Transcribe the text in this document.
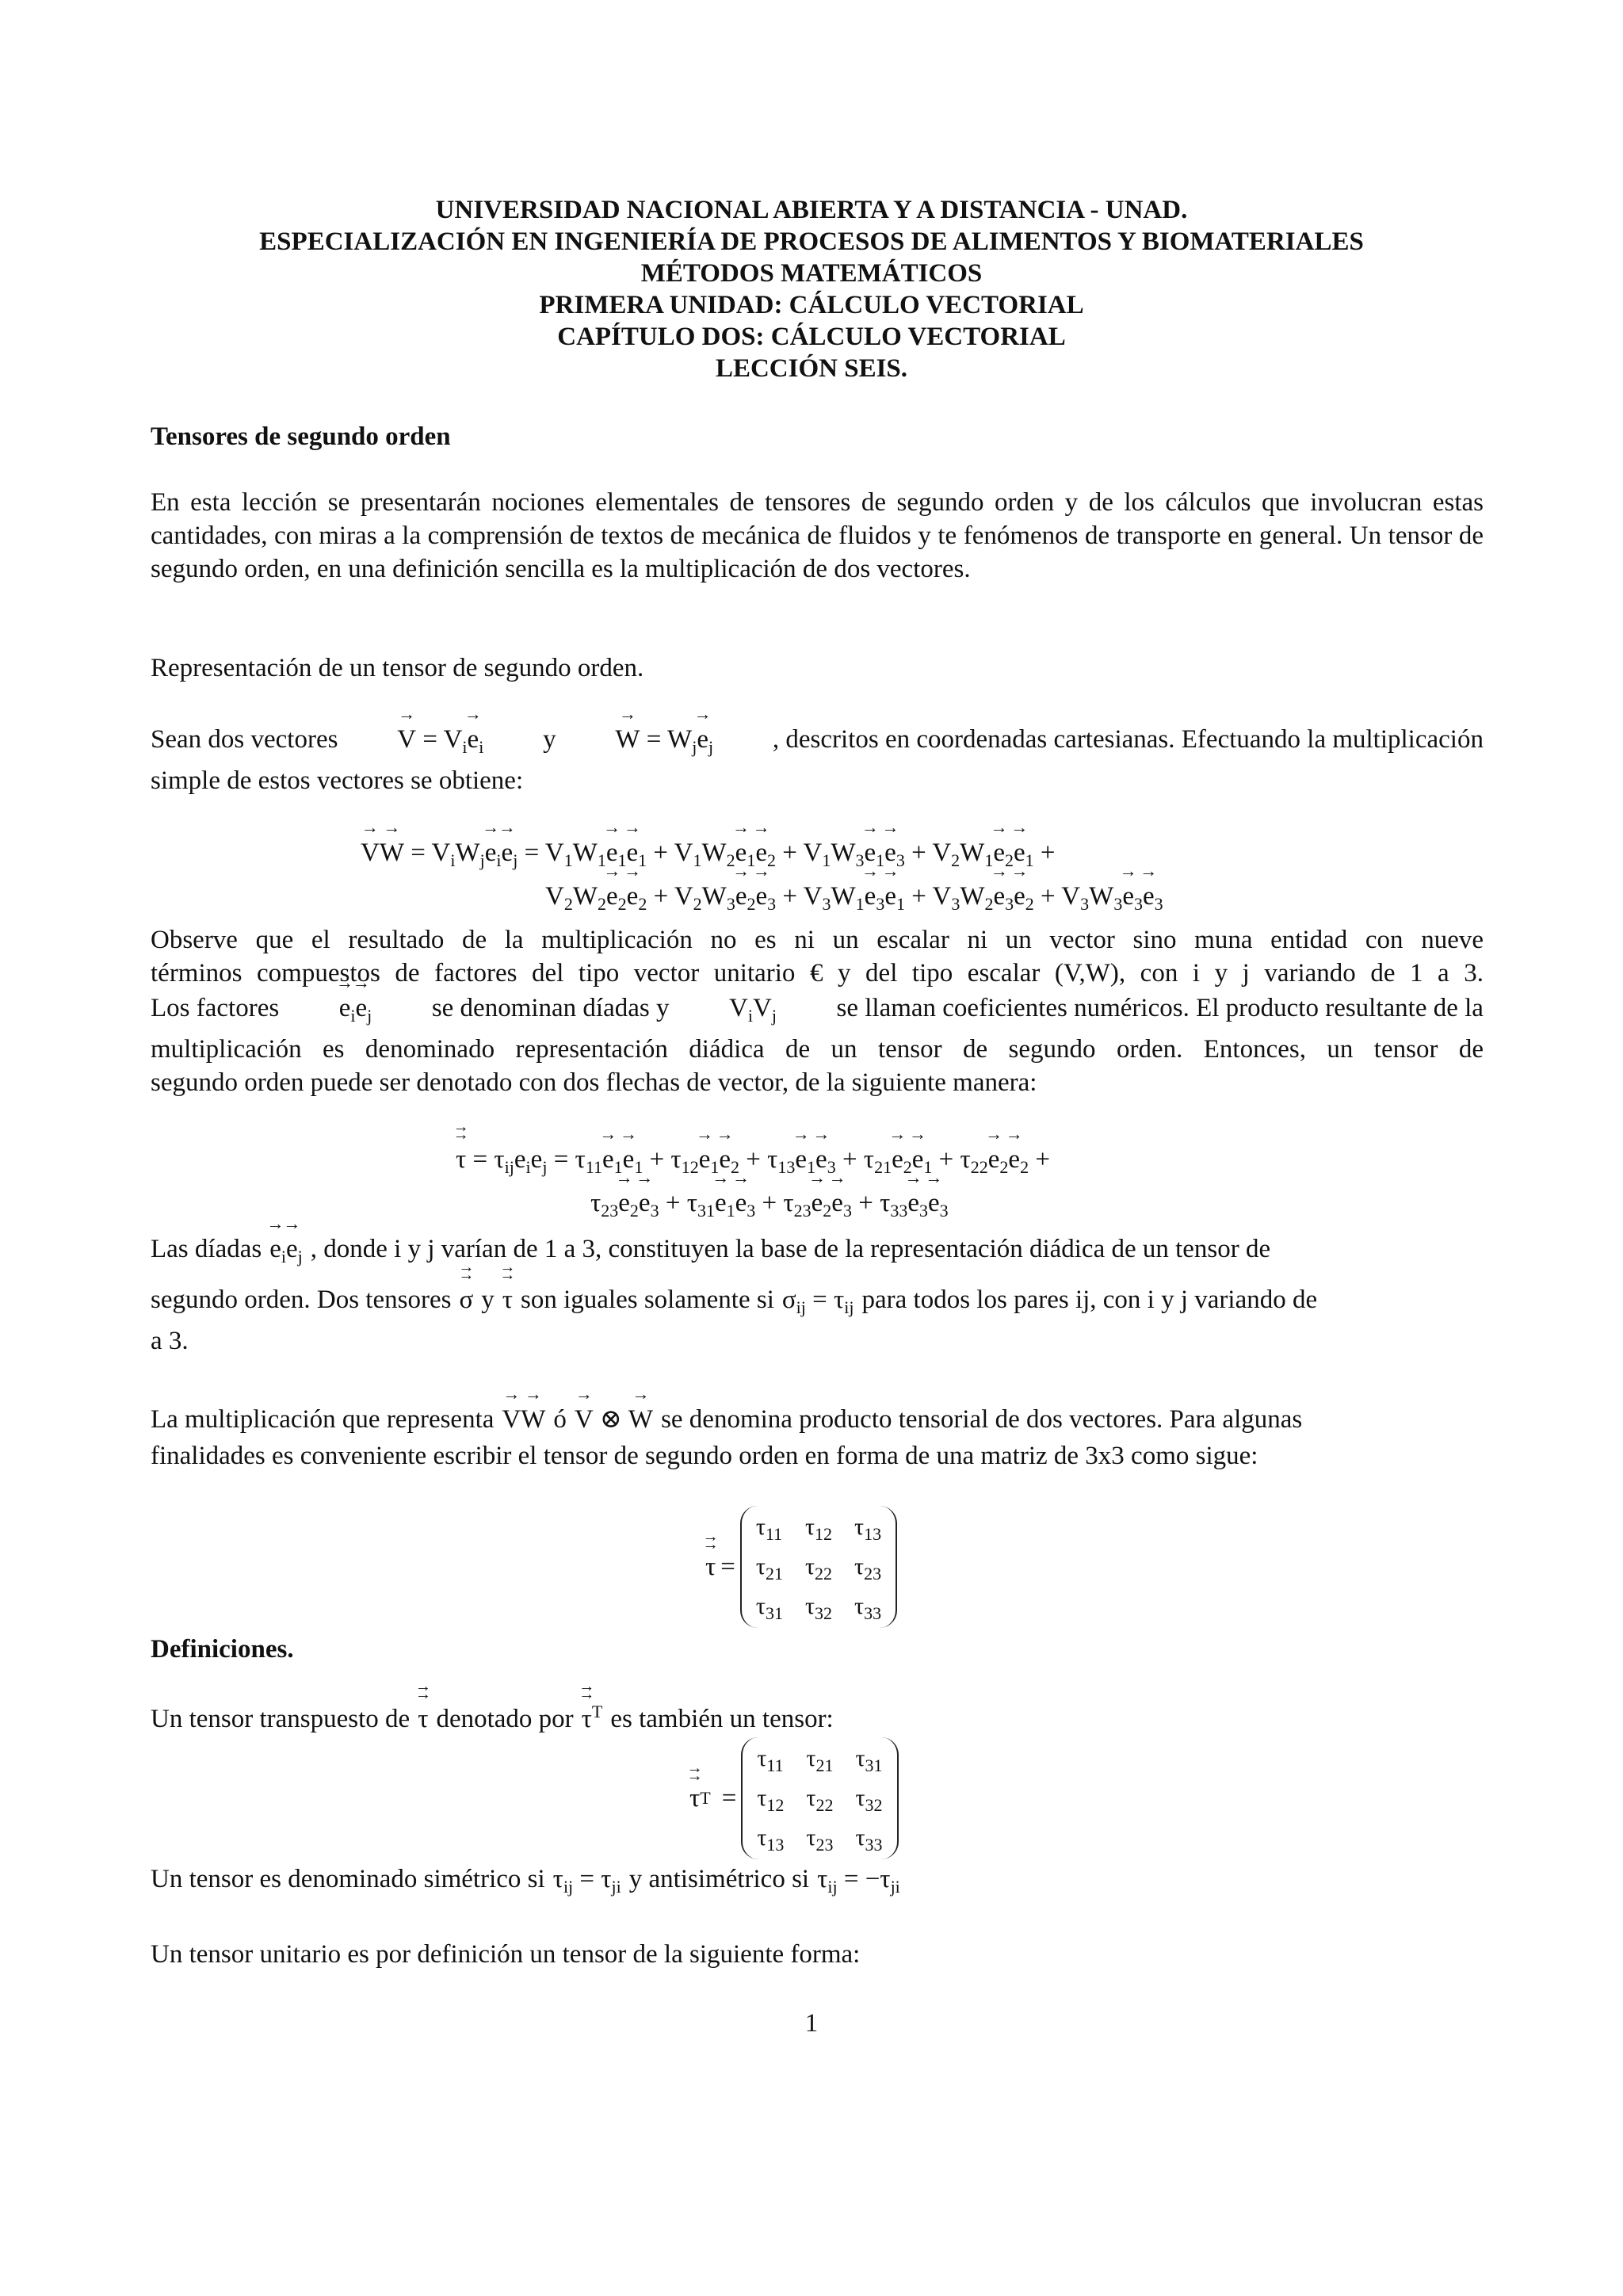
UNIVERSIDAD NACIONAL ABIERTA Y A DISTANCIA - UNAD.
ESPECIALIZACIÓN EN INGENIERÍA DE PROCESOS DE ALIMENTOS Y BIOMATERIALES
MÉTODOS MATEMÁTICOS
PRIMERA UNIDAD: CÁLCULO VECTORIAL
CAPÍTULO DOS: CÁLCULO VECTORIAL
LECCIÓN SEIS.
Tensores de segundo orden
En esta lección se presentarán nociones elementales de tensores de segundo orden y de los cálculos que involucran estas cantidades, con miras a la comprensión de textos de mecánica de fluidos y te fenómenos de transporte en general. Un tensor de segundo orden, en una definición sencilla es la multiplicación de dos vectores.
Representación de un tensor de segundo orden.
Sean dos vectores → $V = V_i\to e_i$ $y \to W = W_j\to e_j$ , descritos en coordenadas cartesianas. Efectuando la multiplicación
simple de estos vectores se obtiene:
→ $V\to W = V_iW_j\to e_i\to e_j = V_1W_1\to e_1\to e_1 + V_1W_2\to e_1\to e_2 + V_1W_3\to e_1\to e_3 + V_2W_1\to e_2\to e_1$ +
$V_2W_2\to e_2\to e_2 + V_2W_3\to e_2\to e_3 + V_3W_1\to e_3\to e_1 + V_3W_2\to e_3\to e_2 + V_3W_3\to e_3\to e_3$
Observe que el resultado de la multiplicación no es ni un escalar ni un vector sino muna entidad con nueve
términos compuestos de factores del tipo vector unitario € y del tipo escalar (V,W), con i y j variando de 1 a 3.
Los factores → $e_i\to e_j$ se denominan díadas y $V_iV_j$ se llaman coeficientes numéricos. El producto resultante de la
multiplicación es denominado representación diádica de un tensor de segundo orden. Entonces, un tensor de
segundo orden puede ser denotado con dos flechas de vector, de la siguiente manera:
→ τ → = $\tau_{ij}e_ie_j = \tau_{11}\to e_1\to e_1 + \tau_{12}\to e_1\to e_2 + \tau_{13}\to e_1\to e_3 + \tau_{21}\to e_2\to e_1 + \tau_{22}\to e_2\to e_2$ +
$\tau_{23}\to e_2\to e_3 + \tau_{31}\to e_1\to e_3 + \tau_{23}\to e_2\to e_3 + \tau_{33}\to e_3\to e_3$
Las díadas → $e_i\to e_j$ , donde i y j varían de 1 a 3, constituyen la base de la representación diádica de un tensor de
segundo orden. Dos tensores → σ → y → τ → son iguales solamente si $\sigma_{ij} = \tau_{ij}$ para todos los pares ij, con i y j variando de
a 3.
La multiplicación que representa → V→ W ó → V ⊗ → W se denomina producto tensorial de dos vectores. Para algunas
finalidades es conveniente escribir el tensor de segundo orden en forma de una matriz de 3x3 como sigue:
→ τ → =
$\tau_{11}$	$\tau_{12}$	$\tau_{13}$
$\tau_{21}$	$\tau_{22}$	$\tau_{23}$
$\tau_{31}$	$\tau_{32}$	$\tau_{33}$
Definiciones.
Un tensor transpuesto de → τ → denotado por → τ →$^T$ es también un tensor:
→ τ → T =
$\tau_{11}$	$\tau_{21}$	$\tau_{31}$
$\tau_{12}$	$\tau_{22}$	$\tau_{32}$
$\tau_{13}$	$\tau_{23}$	$\tau_{33}$
Un tensor es denominado simétrico si $\tau_{ij} = \tau_{ji}$ y antisimétrico si $\tau_{ij} = -\tau_{ji}$
Un tensor unitario es por definición un tensor de la siguiente forma:
1
